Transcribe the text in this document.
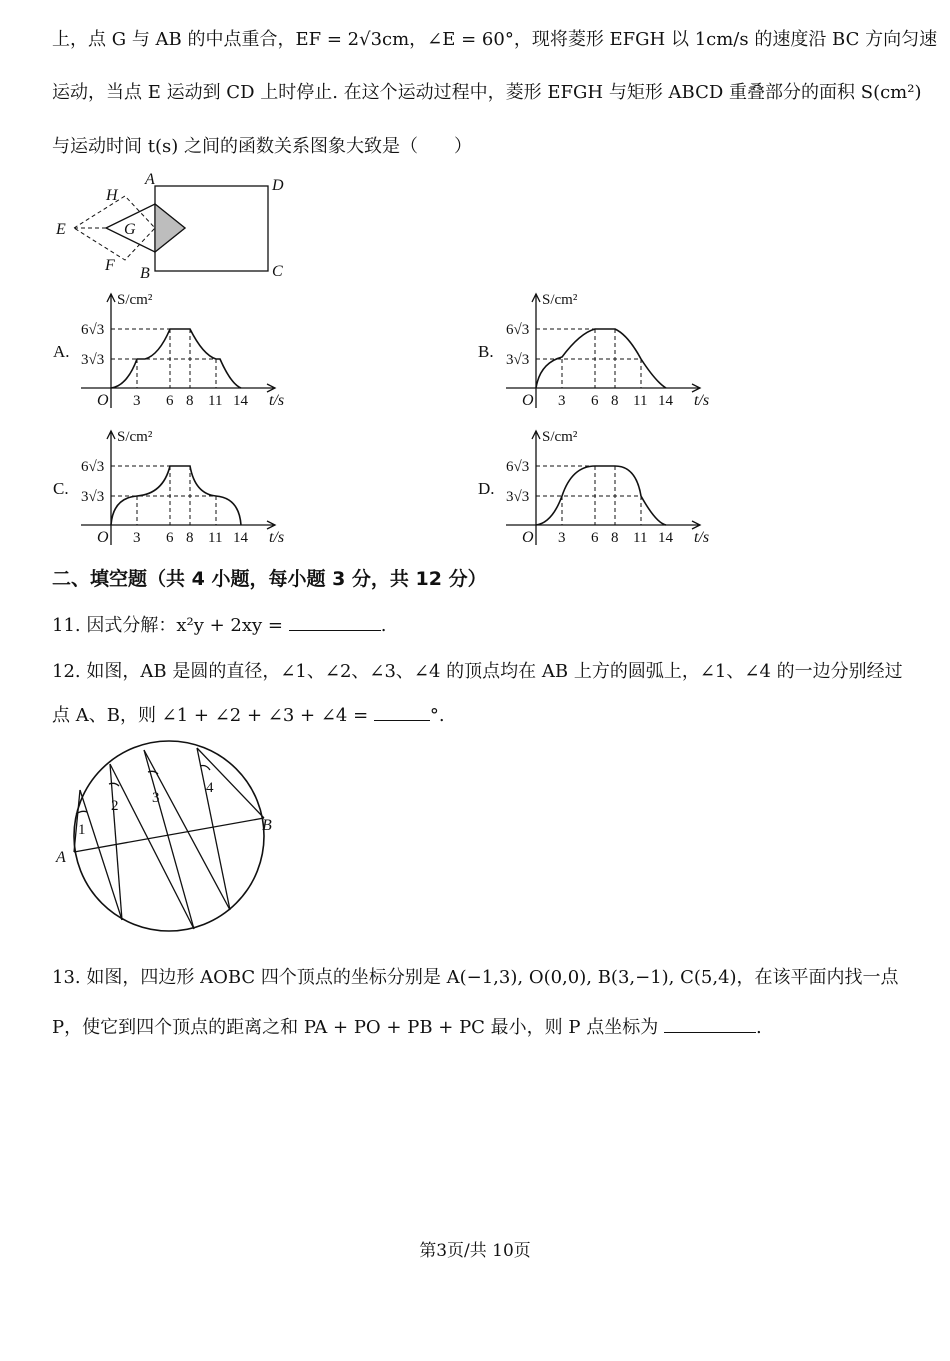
上，点 G 与 AB 的中点重合，EF = 2√3cm，∠E = 60°，现将菱形 EFGH 以 1cm/s 的速度沿 BC 方向匀速
运动，当点 E 运动到 CD 上时停止. 在这个运动过程中，菱形 EFGH 与矩形 ABCD 重叠部分的面积 S(cm²)
与运动时间 t(s) 之间的函数关系图象大致是（　　）
A	D
C
B
E
H
F
G
A.	B.
C.	D.
S/cm²
t/s
O
6√3
3√3
3 6 8 11 14
S/cm²
t/s
O
6√3
3√3
3 6 8 11 14
S/cm²
t/s
O
6√3
3√3
3 6 8 11 14
S/cm²
t/s
O
6√3
3√3
3 6 8 11 14
二、填空题（共 4 小题，每小题 3 分，共 12 分）
11. 因式分解：x²y + 2xy =	.
12. 如图，AB 是圆的直径，∠1、∠2、∠3、∠4 的顶点均在 AB 上方的圆弧上，∠1、∠4 的一边分别经过
点 A、B，则 ∠1 + ∠2 + ∠3 + ∠4 =	°.
1
2 3
4
A
B
13. 如图，四边形 AOBC 四个顶点的坐标分别是 A(−1,3), O(0,0), B(3,−1), C(5,4)，在该平面内找一点
P，使它到四个顶点的距离之和 PA + PO + PB + PC 最小，则 P 点坐标为	.
第3页/共 10页
